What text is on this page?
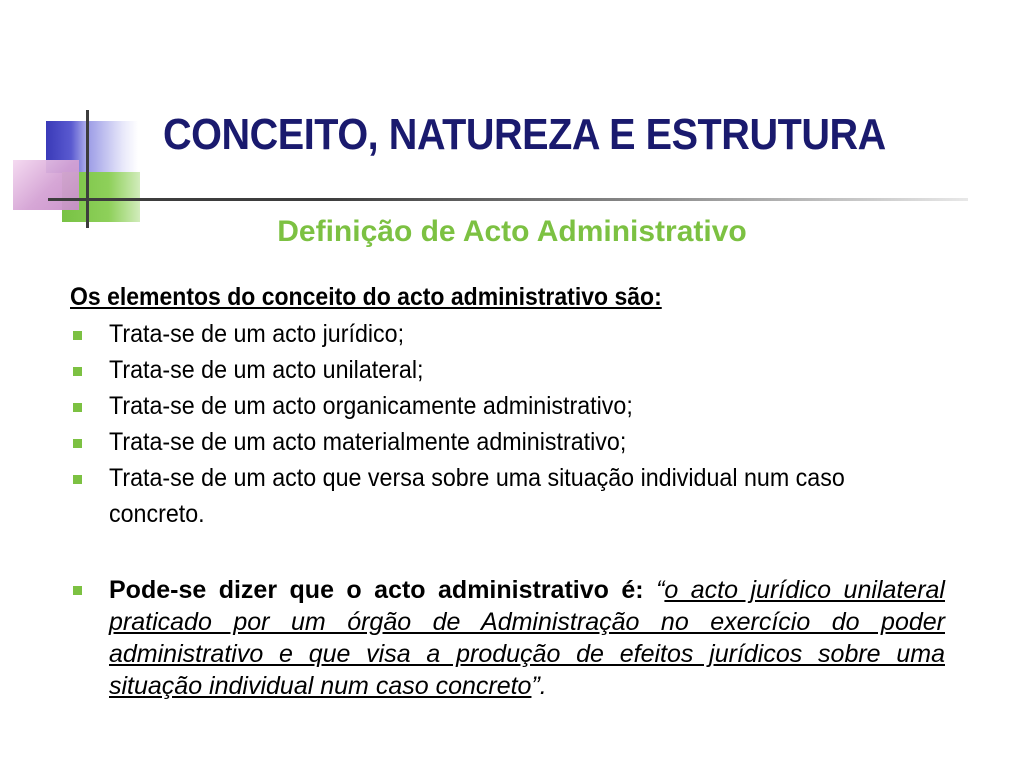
CONCEITO, NATUREZA E ESTRUTURA
Definição de Acto Administrativo
Os elementos do conceito do acto administrativo são:
Trata-se de um acto jurídico;
Trata-se de um acto unilateral;
Trata-se de um acto organicamente administrativo;
Trata-se de um acto materialmente administrativo;
Trata-se de um acto que versa sobre uma situação individual num caso concreto.
Pode-se dizer que o acto administrativo é: “o acto jurídico unilateral praticado por um órgão de Administração no exercício do poder administrativo e que visa a produção de efeitos jurídicos sobre uma situação individual num caso concreto”.
